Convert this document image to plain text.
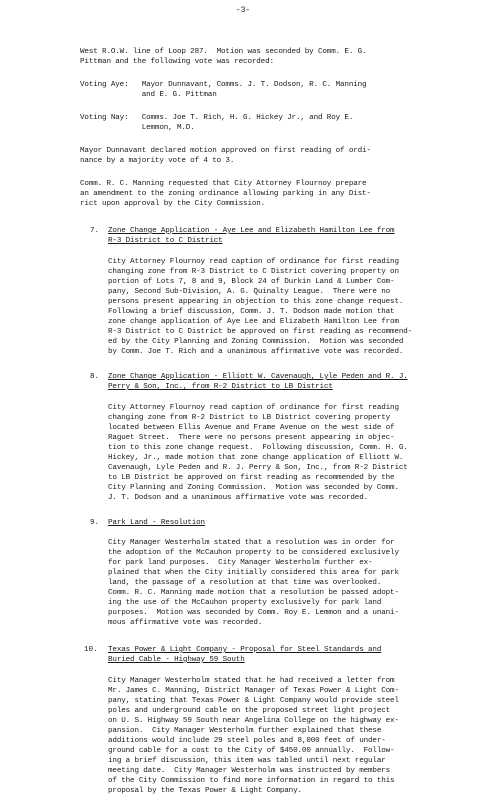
-3-
West R.O.W. line of Loop 287.  Motion was seconded by Comm. E. G.
Pittman and the following vote was recorded:
Voting Aye:   Mayor Dunnavant, Comms. J. T. Dodson, R. C. Manning
and E. G. Pittman
Voting Nay:   Comms. Joe T. Rich, H. G. Hickey Jr., and Roy E.
Lemmon, M.D.
Mayor Dunnavant declared motion approved on first reading of ordi-
nance by a majority vote of 4 to 3.
Comm. R. C. Manning requested that City Attorney Flournoy prepare
an amendment to the zoning ordinance allowing parking in any Dist-
rict upon approval by the City Commission.
7. Zone Change Application - Aye Lee and Elizabeth Hamilton Lee from
R-3 District to C District
City Attorney Flournoy read caption of ordinance for first reading
changing zone from R-3 District to C District covering property on
portion of Lots 7, 8 and 9, Block 24 of Durkin Land & Lumber Com-
pany, Second Sub-Division, A. G. Quinalty League.  There were no
persons present appearing in objection to this zone change request.
Following a brief discussion, Comm. J. T. Dodson made motion that
zone change application of Aye Lee and Elizabeth Hamilton Lee from
R-3 District to C District be approved on first reading as recommend-
ed by the City Planning and Zoning Commission.  Motion was seconded
by Comm. Joe T. Rich and a unanimous affirmative vote was recorded.
8. Zone Change Application - Elliott W. Cavenaugh, Lyle Peden and R. J.
Perry & Son, Inc., from R-2 District to LB District
City Attorney Flournoy read caption of ordinance for first reading
changing zone from R-2 District to LB District covering property
located between Ellis Avenue and Frame Avenue on the west side of
Raguet Street.  There were no persons present appearing in objec-
tion to this zone change request.  Following discussion, Comm. H. G.
Hickey, Jr., made motion that zone change application of Elliott W.
Cavenaugh, Lyle Peden and R. J. Perry & Son, Inc., from R-2 District
to LB District be approved on first reading as recommended by the
City Planning and Zoning Commission.  Motion was seconded by Comm.
J. T. Dodson and a unanimous affirmative vote was recorded.
9. Park Land - Resolution
City Manager Westerholm stated that a resolution was in order for
the adoption of the McCauhon property to be considered exclusively
for park land purposes.  City Manager Westerholm further ex-
plained that when the City initially considered this area for park
land, the passage of a resolution at that time was overlooked.
Comm. R. C. Manning made motion that a resolution be passed adopt-
ing the use of the McCauhon property exclusively for park land
purposes.  Motion was seconded by Comm. Roy E. Lemmon and a unani-
mous affirmative vote was recorded.
10. Texas Power & Light Company - Proposal for Steel Standards and
Buried Cable - Highway 59 South
City Manager Westerholm stated that he had received a letter from
Mr. James C. Manning, District Manager of Texas Power & Light Com-
pany, stating that Texas Power & Light Company would provide steel
poles and underground cable on the proposed street light project
on U. S. Highway 59 South near Angelina College on the highway ex-
pansion.  City Manager Westerholm further explained that these
additions would include 29 steel poles and 8,000 feet of under-
ground cable for a cost to the City of $450.00 annually.  Follow-
ing a brief discussion, this item was tabled until next regular
meeting date.  City Manager Westerholm was instructed by members
of the City Commission to find more information in regard to this
proposal by the Texas Power & Light Company.
